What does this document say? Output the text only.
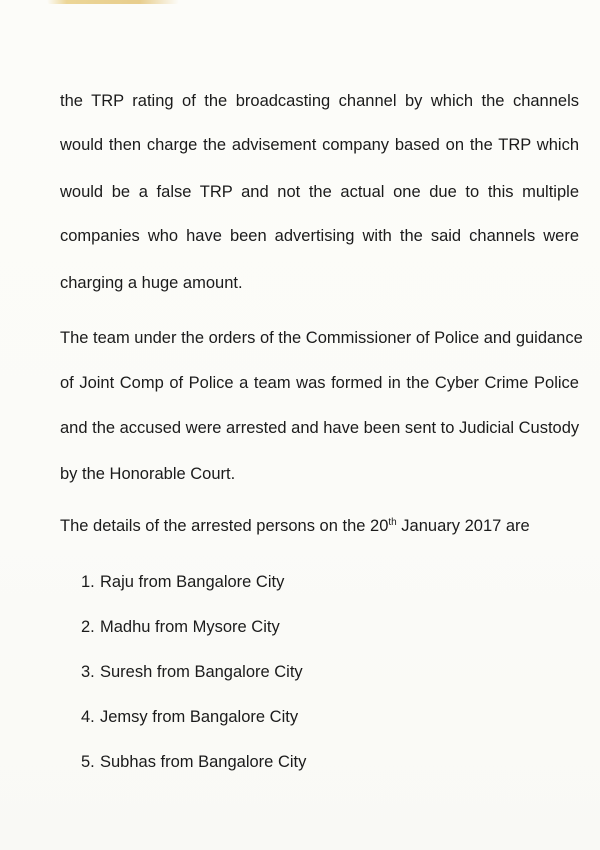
the TRP rating of the broadcasting channel by which the channels
would then charge the advisement company based on the TRP which
would be a false TRP and not the actual one due to this multiple
companies who have been advertising with the said channels were
charging a huge amount.
The team under the orders of the Commissioner of Police and guidance
of Joint Comp of Police a team was formed in the Cyber Crime Police
and the accused were arrested and have been sent to Judicial Custody
by the Honorable Court.
The details of the arrested persons on the 20th January 2017 are
1. Raju from Bangalore City
2. Madhu from Mysore City
3. Suresh from Bangalore City
4. Jemsy from Bangalore City
5. Subhas from Bangalore City
